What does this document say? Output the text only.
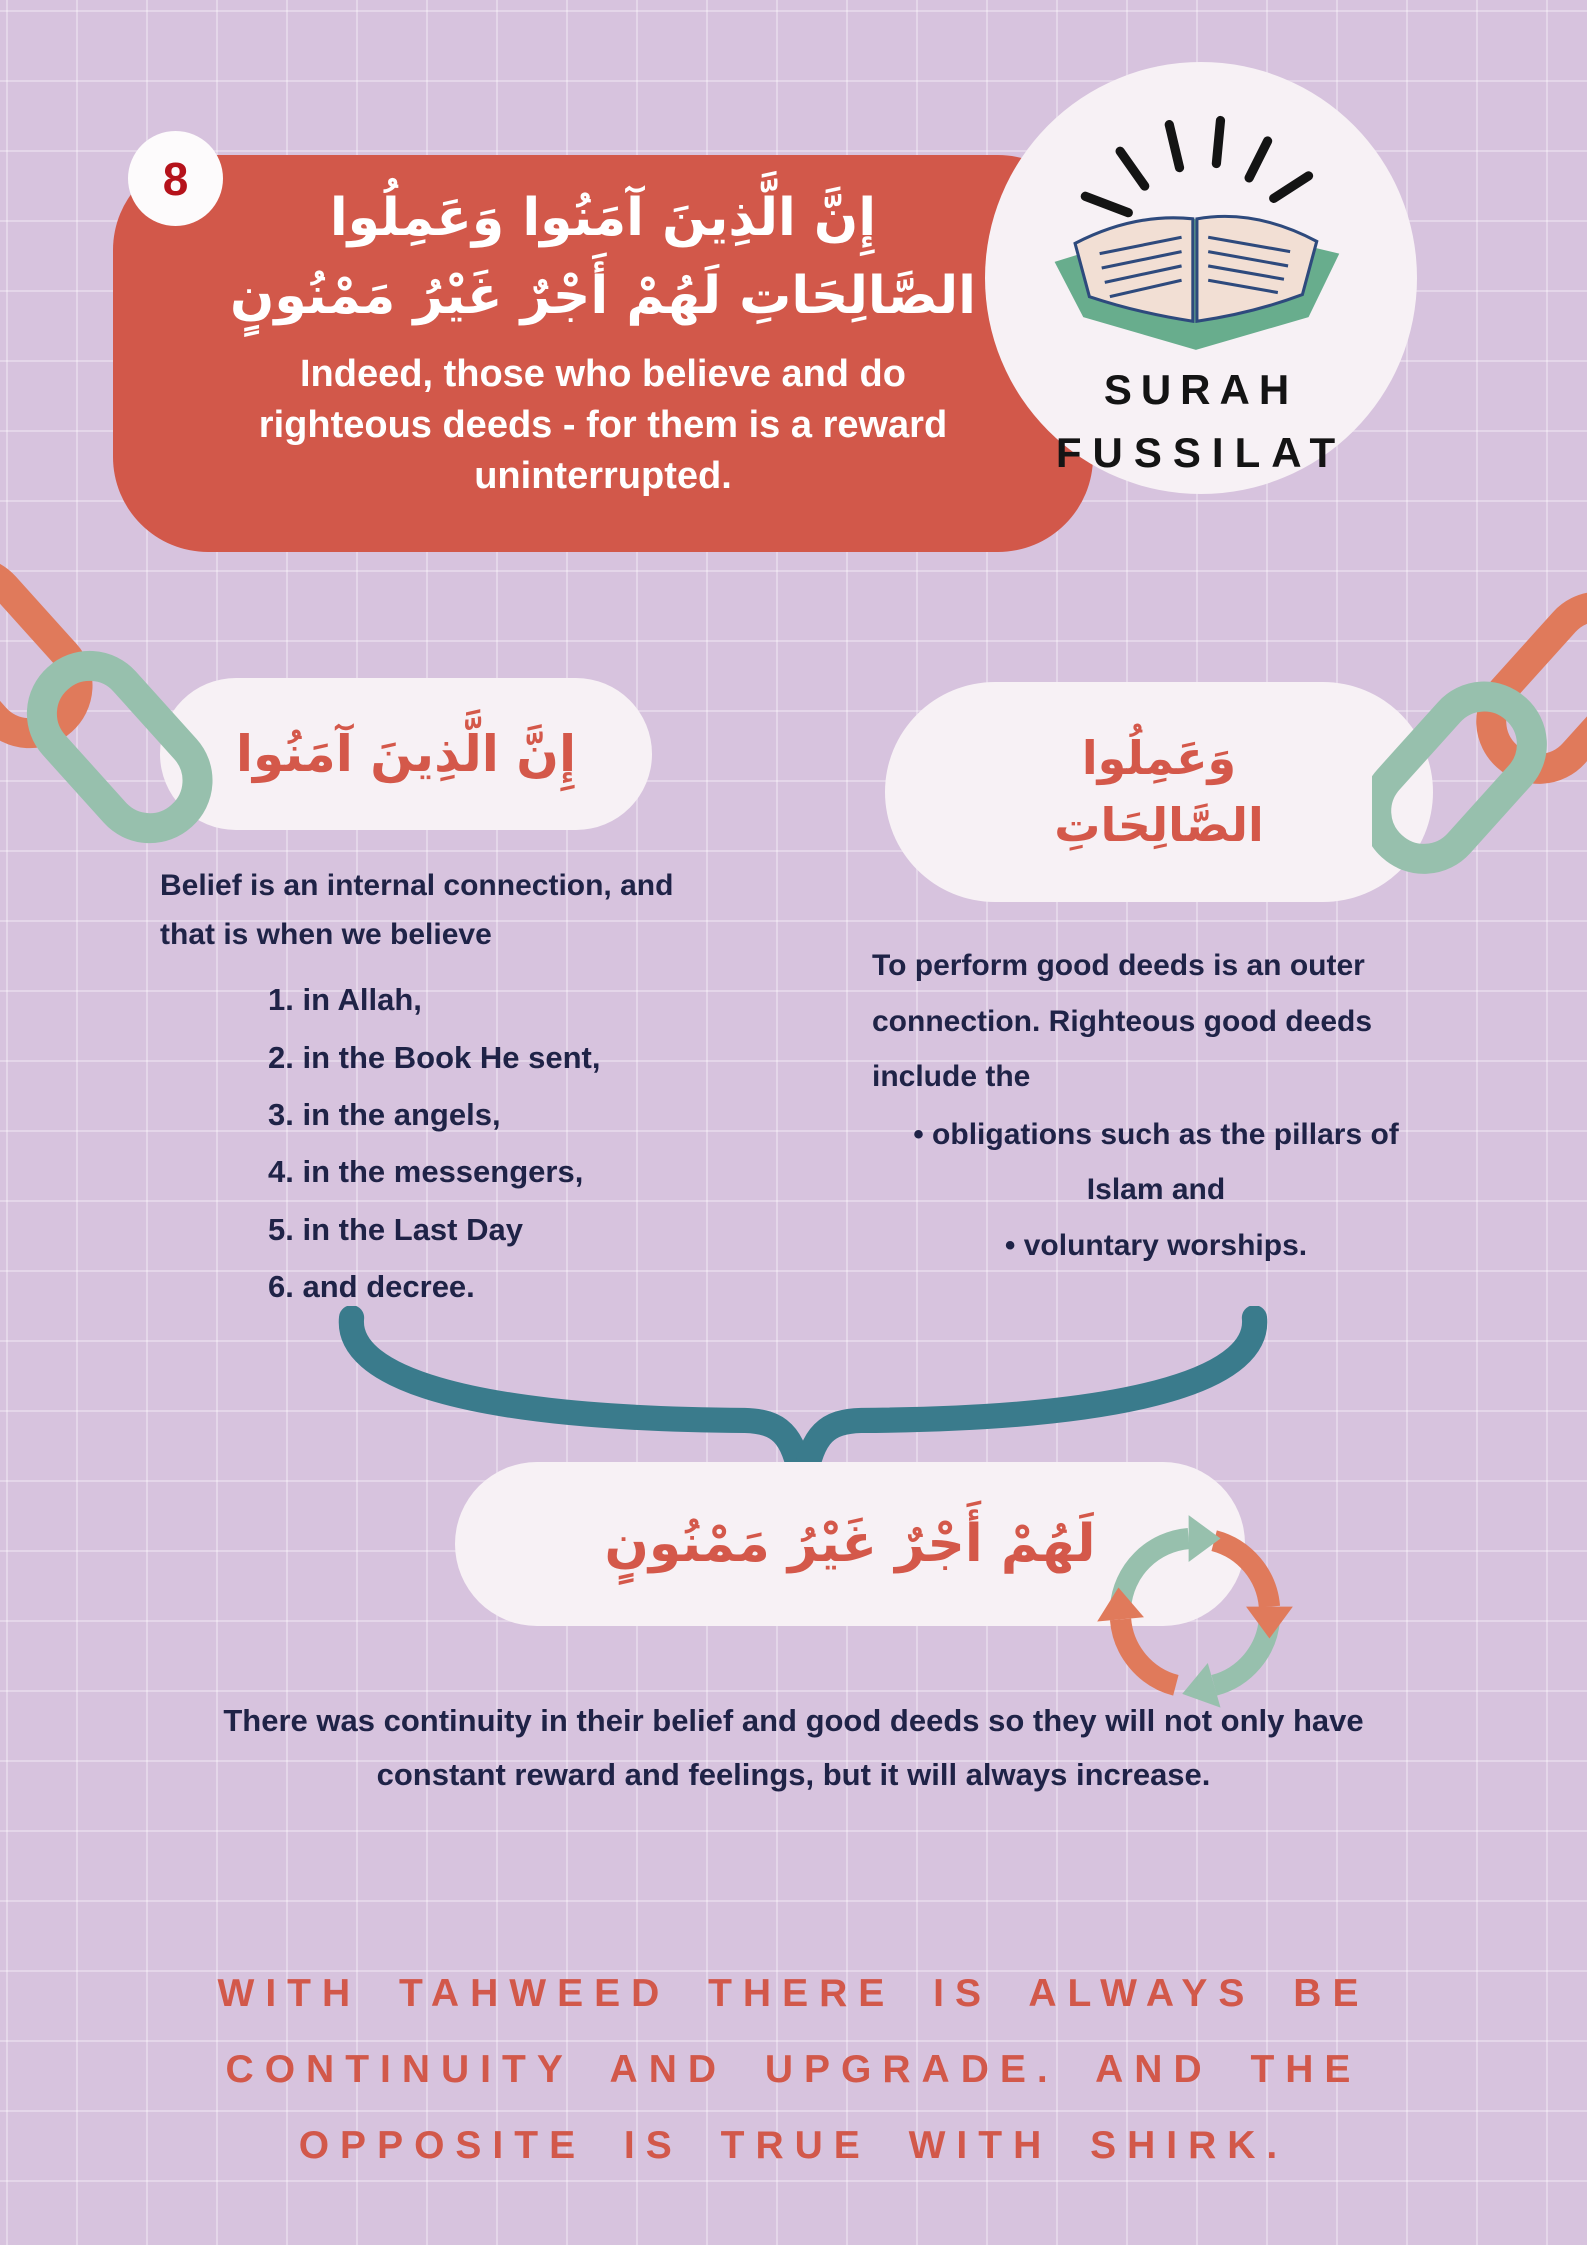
8
إِنَّ الَّذِينَ آمَنُوا وَعَمِلُوا
الصَّالِحَاتِ لَهُمْ أَجْرٌ غَيْرُ مَمْنُونٍ

Indeed, those who believe and do righteous deeds - for them is a reward uninterrupted.

SURAH
FUSSILAT
إِنَّ الَّذِينَ آمَنُوا
Belief is an internal connection, and that is when we believe
in Allah,
in the Book He sent,
in the angels,
in the messengers,
in the Last Day
and decree.
وَعَمِلُوا
الصَّالِحَاتِ
To perform good deeds is an outer connection. Righteous good deeds include the
• obligations such as the pillars of Islam and
• voluntary worships.
لَهُمْ أَجْرٌ غَيْرُ مَمْنُونٍ

There was continuity in their belief and good deeds so they will not only have constant reward and feelings, but it will always increase.

WITH TAHWEED THERE IS ALWAYS BE CONTINUITY AND UPGRADE. AND THE OPPOSITE IS TRUE WITH SHIRK.
